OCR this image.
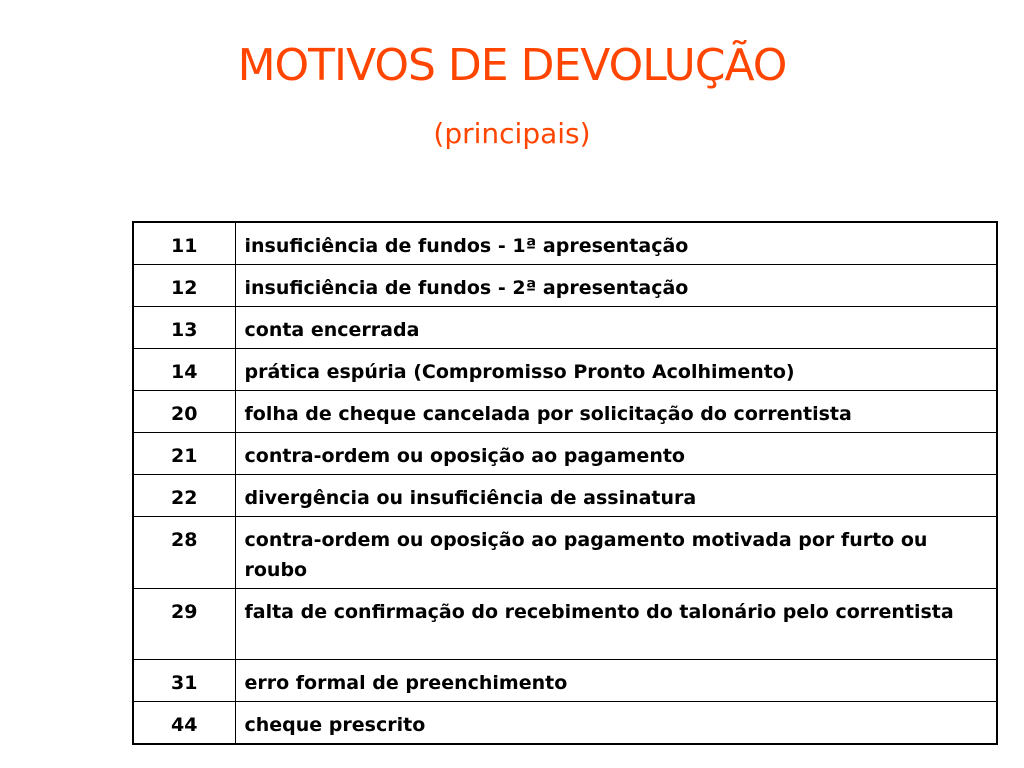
MOTIVOS DE DEVOLUÇÃO
(principais)
11	insuficiência de fundos - 1ª apresentação
12	insuficiência de fundos - 2ª apresentação
13	conta encerrada
14	prática espúria (Compromisso Pronto Acolhimento)
20	folha de cheque cancelada por solicitação do correntista
21	contra-ordem ou oposição ao pagamento
22	divergência ou insuficiência de assinatura
28	contra-ordem ou oposição ao pagamento motivada por furto ou roubo
29	falta de confirmação do recebimento do talonário pelo correntista
31	erro formal de preenchimento
44	cheque prescrito
